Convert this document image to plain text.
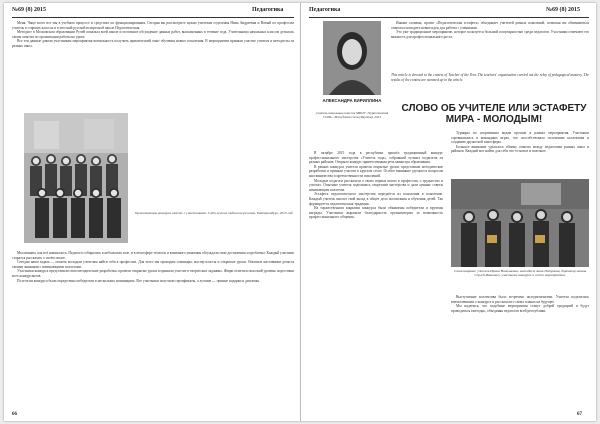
№69 (8) 2015	Педагогика

Меня. Чаще всего все мы в учебном процессе и средствах их функционирования. Сегодня вы рассмотрите нужно учителям отделения Нина Андреевна и Новый по профессии учитель в старших классах и в местной русской воскресной школе Педагогическая.

Методист в Московском образовании Ручей показала всей школе и поэтапное обсуждение данных работ, выполненных в течение года. Учительница начальных классов делилась своим опытом по организации работы на уроке.

Все эти данные давали участникам мероприятия возможность получить практический опыт обучения нового поколения. В мероприятии приняли участие учителя и методисты из разных школ.

Организаторы конкурса вместе с участниками. Слёт лучших педагогов региона, Екатеринбург, 2015 год.

Мы помним, как всё начиналось. Педагоги собирались в небольшом зале, и в атмосфере теплоты и взаимного уважения обсуждали свои достижения и проблемы. Каждый участник старался рассказать о своём опыте.

Сегодня наша задача — помочь молодым учителям найти себя в профессии. Для этого мы проводим семинары, мастер-классы и открытые уроки. Опытные наставники делятся своими знаниями с начинающими коллегами.

Участники конкурса представили свои методические разработки, провели открытые уроки и приняли участие в творческих заданиях. Жюри отметило высокий уровень подготовки всех конкурсантов.

По итогам конкурса были определены победители в нескольких номинациях. Все участники получили сертификаты, а лучшие — ценные подарки и дипломы.

66
Педагогика	№69 (8) 2015

Иными словами, проект «Педагогическая эстафета» объединяет учителей разных поколений, позволяя им обмениваться опытом и находить новые идеи для работы с учениками.

Это уже традиционное мероприятие, которое пользуется большой популярностью среди педагогов. Участники отмечают его важность для профессионального роста.

This article is devoted to the contest of Teacher of the Year. The teachers' organisation carried out the relay of pedagogical mastery. The results of the contest are summed up in the article.
АЛЕКСАНДРА КИРИЛЛИНА
учитель начальных классов МБОУ «Чурапчинская СОШ», Республика Саха (Якутия), 2015
СЛОВО ОБ УЧИТЕЛЕ ИЛИ ЭСТАФЕТУ МИРА - МОЛОДЫМ!

В октябре 2015 года в республике прошёл традиционный конкурс профессионального мастерства «Учитель года», собравший лучших педагогов из разных районов. Открыла конкурс приветственная речь министра образования.

В рамках конкурса учителя провели открытые уроки, представили методические разработки и приняли участие в круглом столе. Особое внимание уделялось вопросам наставничества и преемственности поколений.

Молодые педагоги рассказали о своих первых шагах в профессии, о трудностях и успехах. Опытные учителя поделились секретами мастерства и дали ценные советы начинающим коллегам.

Эстафета педагогического мастерства передаётся из поколения в поколение. Каждый учитель вносит свой вклад в общее дело воспитания и обучения детей. Так формируется педагогическая традиция.

На торжественном закрытии конкурса были объявлены победители и вручены награды. Участники выразили благодарность организаторам за возможность профессионального общения.

Турниры по спортивным видам прошли в рамках мероприятия. Участники соревновались в командных играх, что способствовало сплочению коллектива и созданию дружеской атмосферы.

Большое внимание уделялось обмену опытом между педагогами разных школ и районов. Каждый мог найти для себя что-то новое и полезное.

Слева направо: учитель Ирина Николаевна, методист Анна Петровна, директор школы Сергей Иванович, участники конкурса и гости мероприятия.

Выступление коллектива было встречено аплодисментами. Учителя поделились впечатлениями о конкурсе и рассказали о своих планах на будущее.

Мы надеемся, что подобные мероприятия станут доброй традицией и будут проводиться ежегодно, объединяя педагогов всей республики.

67
